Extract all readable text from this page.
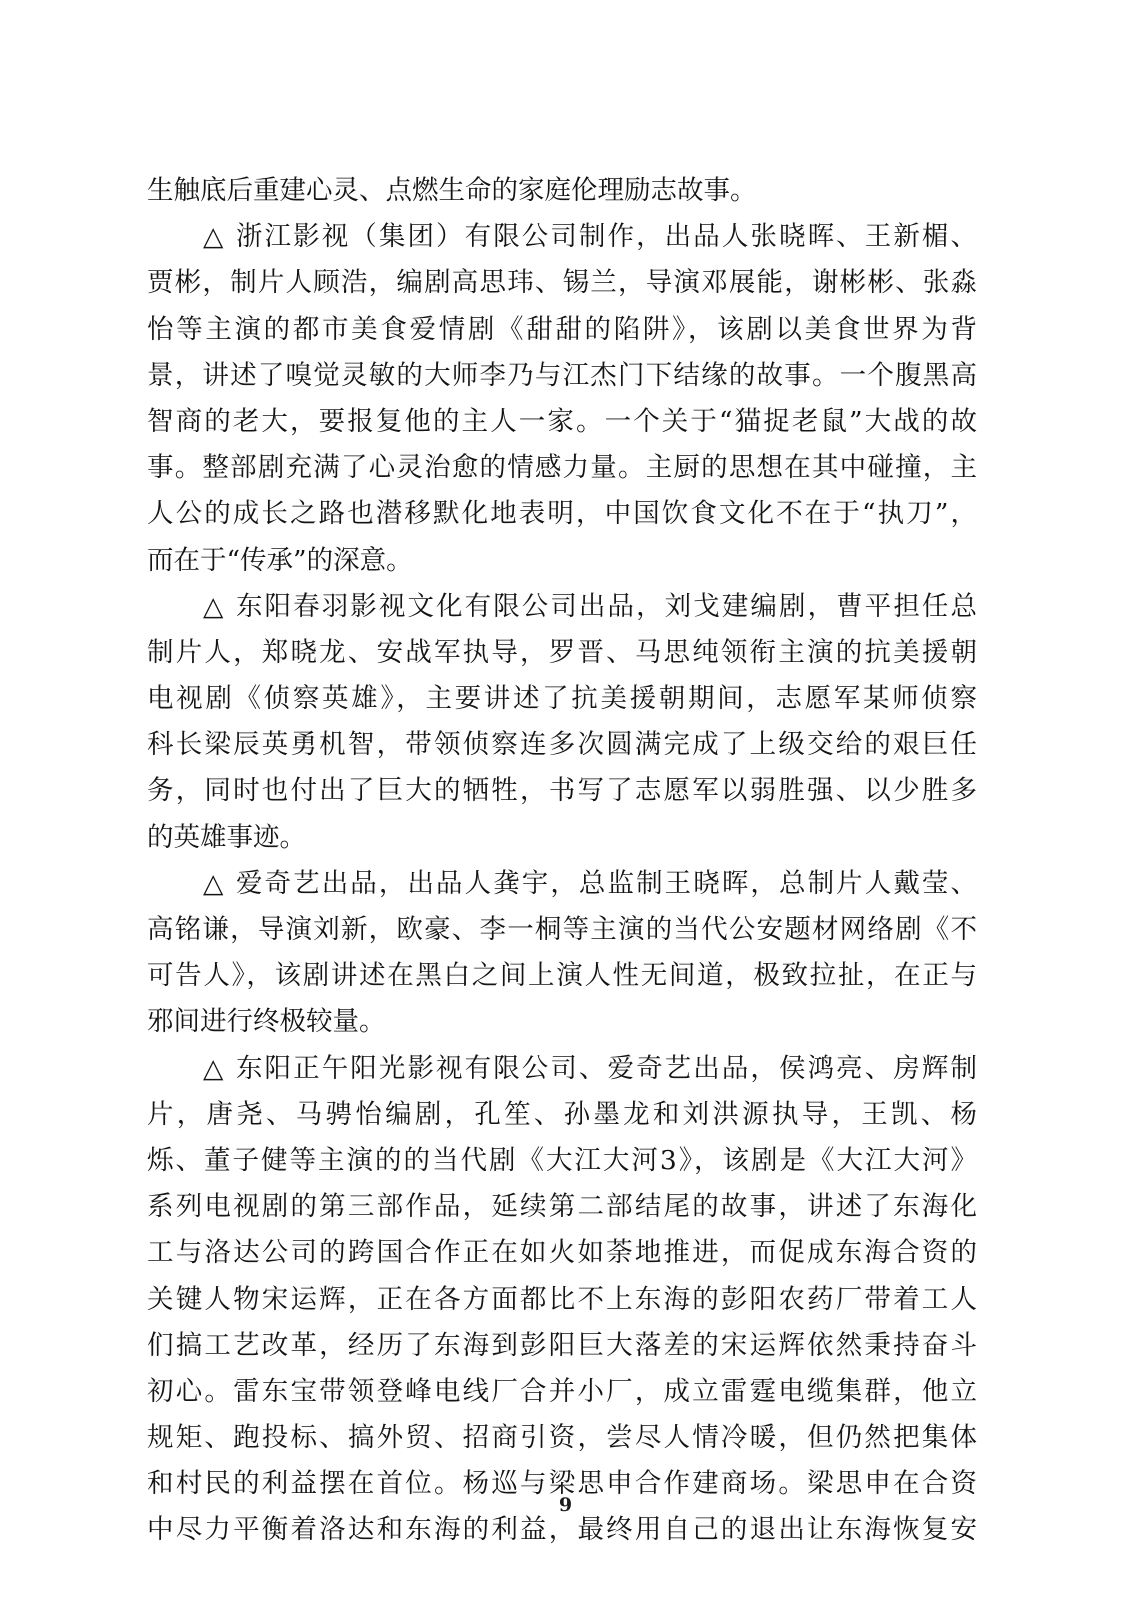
生触底后重建心灵、点燃生命的家庭伦理励志故事。
△ 浙江影视（集团）有限公司制作，出品人张晓晖、王新楣、
贾彬，制片人顾浩，编剧高思玮、锡兰，导演邓展能，谢彬彬、张淼
怡等主演的都市美食爱情剧《甜甜的陷阱》，该剧以美食世界为背
景，讲述了嗅觉灵敏的大师李乃与江杰门下结缘的故事。一个腹黑高
智商的老大，要报复他的主人一家。一个关于“猫捉老鼠”大战的故
事。整部剧充满了心灵治愈的情感力量。主厨的思想在其中碰撞，主
人公的成长之路也潜移默化地表明，中国饮食文化不在于“执刀”，
而在于“传承”的深意。
△ 东阳春羽影视文化有限公司出品，刘戈建编剧，曹平担任总
制片人，郑晓龙、安战军执导，罗晋、马思纯领衔主演的抗美援朝
电视剧《侦察英雄》，主要讲述了抗美援朝期间，志愿军某师侦察
科长梁辰英勇机智，带领侦察连多次圆满完成了上级交给的艰巨任
务，同时也付出了巨大的牺牲，书写了志愿军以弱胜强、以少胜多
的英雄事迹。
△ 爱奇艺出品，出品人龚宇，总监制王晓晖，总制片人戴莹、
高铭谦，导演刘新，欧豪、李一桐等主演的当代公安题材网络剧《不
可告人》，该剧讲述在黑白之间上演人性无间道，极致拉扯，在正与
邪间进行终极较量。
△ 东阳正午阳光影视有限公司、爱奇艺出品，侯鸿亮、房辉制
片，唐尧、马骋怡编剧，孔笙、孙墨龙和刘洪源执导，王凯、杨
烁、董子健等主演的的当代剧《大江大河3》，该剧是《大江大河》
系列电视剧的第三部作品，延续第二部结尾的故事，讲述了东海化
工与洛达公司的跨国合作正在如火如荼地推进，而促成东海合资的
关键人物宋运辉，正在各方面都比不上东海的彭阳农药厂带着工人
们搞工艺改革，经历了东海到彭阳巨大落差的宋运辉依然秉持奋斗
初心。雷东宝带领登峰电线厂合并小厂，成立雷霆电缆集群，他立
规矩、跑投标、搞外贸、招商引资，尝尽人情冷暖，但仍然把集体
和村民的利益摆在首位。杨巡与梁思申合作建商场。梁思申在合资
中尽力平衡着洛达和东海的利益，最终用自己的退出让东海恢复安
9
